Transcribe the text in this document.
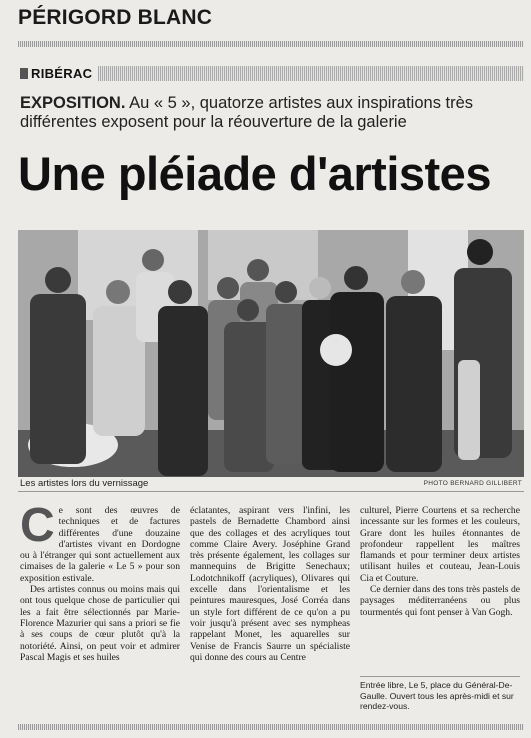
PÉRIGORD BLANC
RIBÉRAC
EXPOSITION. Au « 5 », quatorze artistes aux inspirations très différentes exposent pour la réouverture de la galerie
Une pléiade d'artistes
Les artistes lors du vernissage	PHOTO BERNARD GILLIBERT

Ce sont des œuvres de techniques et de factures différentes d'une douzaine d'artistes vivant en Dordogne ou à l'étranger qui sont actuellement aux cimaises de la galerie « Le 5 » pour son exposition estivale.

Des artistes connus ou moins mais qui ont tous quelque chose de particulier qui les a fait être sélectionnés par Marie-Florence Mazurier qui sans a priori se fie à ses coups de cœur plutôt qu'à la notoriété. Ainsi, on peut voir et admirer Pascal Magis et ses huiles

éclatantes, aspirant vers l'infini, les pastels de Bernadette Chambord ainsi que des collages et des acryliques tout comme Claire Avery. Joséphine Grand très présente également, les collages sur mannequins de Brigitte Senechaux; Lodotchnikoff (acryliques), Olivares qui excelle dans l'orientalisme et les peintures mauresques, José Corréa dans un style fort différent de ce qu'on a pu voir jusqu'à présent avec ses nympheas rappelant Monet, les aquarelles sur Venise de Francis Saurre un spécialiste qui donne des cours au Centre

culturel, Pierre Courtens et sa recherche incessante sur les formes et les couleurs, Grare dont les huiles étonnantes de profondeur rappellent les maîtres flamands et pour terminer deux artistes utilisant huiles et couteau, Jean-Louis Cia et Couture.

Ce dernier dans des tons très pastels de paysages méditerranéens ou plus tourmentés qui font penser à Van Gogh.

Entrée libre, Le 5, place du Général-De-Gaulle. Ouvert tous les après-midi et sur rendez-vous.
